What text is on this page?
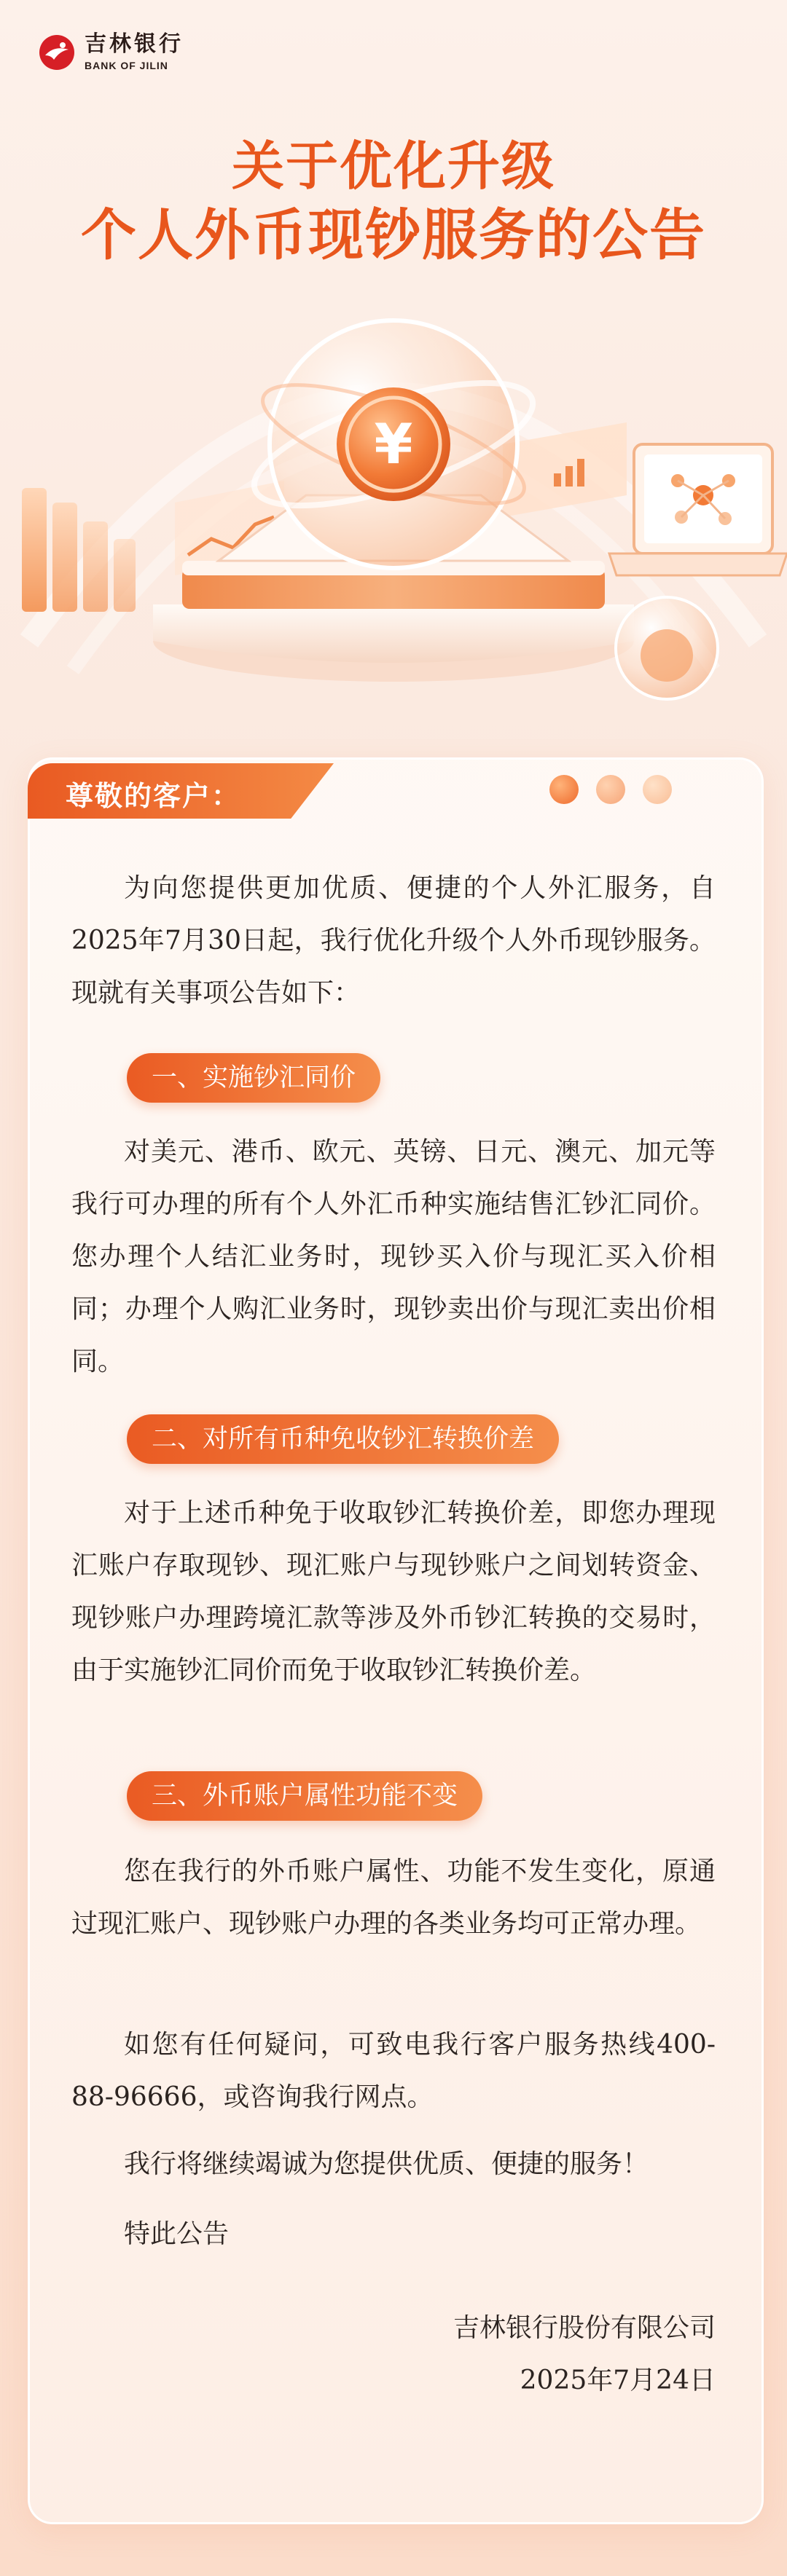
吉林银行
BANK OF JILIN
关于优化升级
个人外币现钞服务的公告
¥
尊敬的客户：

为向您提供更加优质、便捷的个人外汇服务，自2025年7月30日起，我行优化升级个人外币现钞服务。现就有关事项公告如下：

一、实施钞汇同价

对美元、港币、欧元、英镑、日元、澳元、加元等我行可办理的所有个人外汇币种实施结售汇钞汇同价。您办理个人结汇业务时，现钞买入价与现汇买入价相同；办理个人购汇业务时，现钞卖出价与现汇卖出价相同。

二、对所有币种免收钞汇转换价差

对于上述币种免于收取钞汇转换价差，即您办理现汇账户存取现钞、现汇账户与现钞账户之间划转资金、现钞账户办理跨境汇款等涉及外币钞汇转换的交易时，由于实施钞汇同价而免于收取钞汇转换价差。

三、外币账户属性功能不变

您在我行的外币账户属性、功能不发生变化，原通过现汇账户、现钞账户办理的各类业务均可正常办理。

如您有任何疑问，可致电我行客户服务热线400-88-96666，或咨询我行网点。

我行将继续竭诚为您提供优质、便捷的服务！

特此公告

吉林银行股份有限公司
2025年7月24日
